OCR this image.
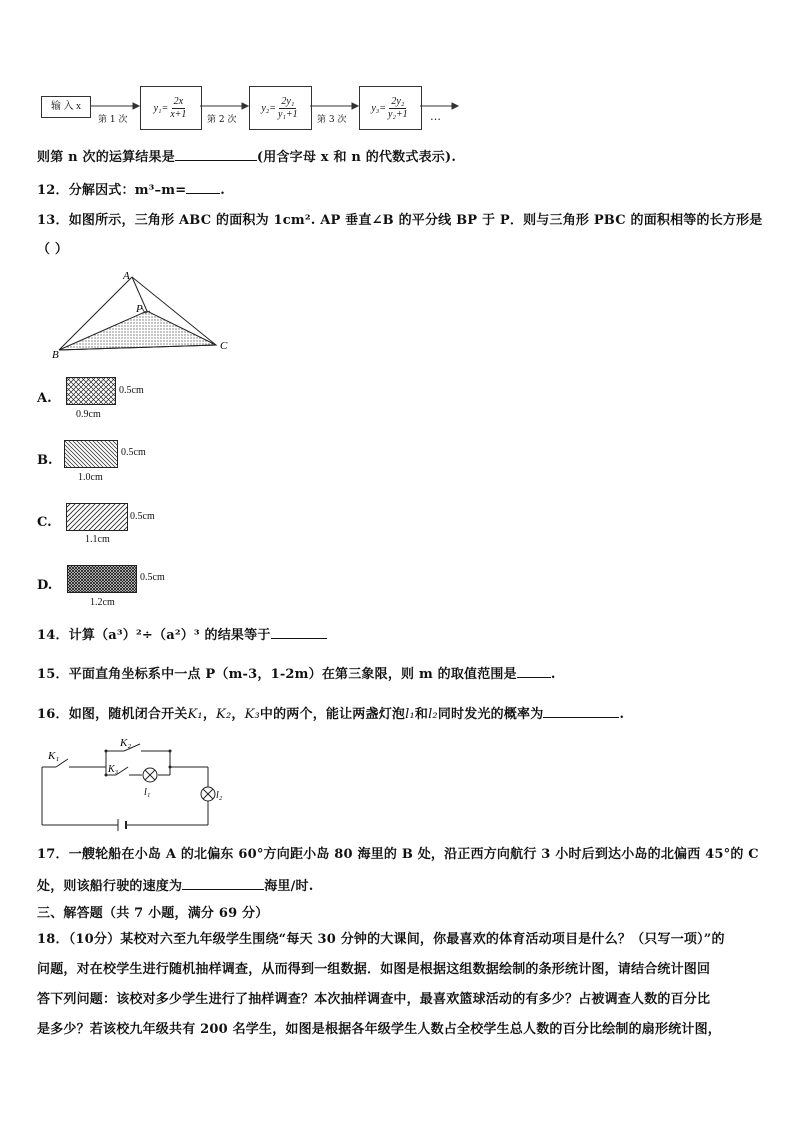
输 入 x	$y_1= \frac{2x}{x+1}$	$y_2= \frac{\text{2y₁}}{\text{y₁+1}}$	$y_3= \frac{\text{2y₂}}{\text{y₂+1}}$
第 1 次	第 2 次	第 3 次	…
则第 n 次的运算结果是	(用含字母 x 和 n 的代数式表示).
12．分解因式：m³–m=	.
13．如图所示，三角形 ABC 的面积为 1cm². AP 垂直∠B 的平分线 BP 于 P．则与三角形 PBC 的面积相等的长方形是
（ ）
A
P
B
C
A.
0.5cm
0.9cm
B.
0.5cm
1.0cm
C.	0.5cm
1.1cm
D.
0.5cm
1.2cm
14．计算（a³）²÷（a²）³ 的结果等于
15．平面直角坐标系中一点 P（m-3，1-2m）在第三象限，则 m 的取值范围是	.
16．如图，随机闭合开关K₁，K₂，K₃中的两个，能让两盏灯泡l₁和l₂同时发光的概率为	.
K₁
K₂
K₃
l₁	l₂
17．一艘轮船在小岛 A 的北偏东 60°方向距小岛 80 海里的 B 处，沿正西方向航行 3 小时后到达小岛的北偏西 45°的 C
处，则该船行驶的速度为	海里/时.
三、解答题（共 7 小题，满分 69 分）
18．（10分）某校对六至九年级学生围绕“每天 30 分钟的大课间，你最喜欢的体育活动项目是什么？（只写一项）”的
问题，对在校学生进行随机抽样调查，从而得到一组数据．如图是根据这组数据绘制的条形统计图，请结合统计图回
答下列问题：该校对多少学生进行了抽样调查？本次抽样调查中，最喜欢篮球活动的有多少？占被调查人数的百分比
是多少？若该校九年级共有 200 名学生，如图是根据各年级学生人数占全校学生总人数的百分比绘制的扇形统计图，
